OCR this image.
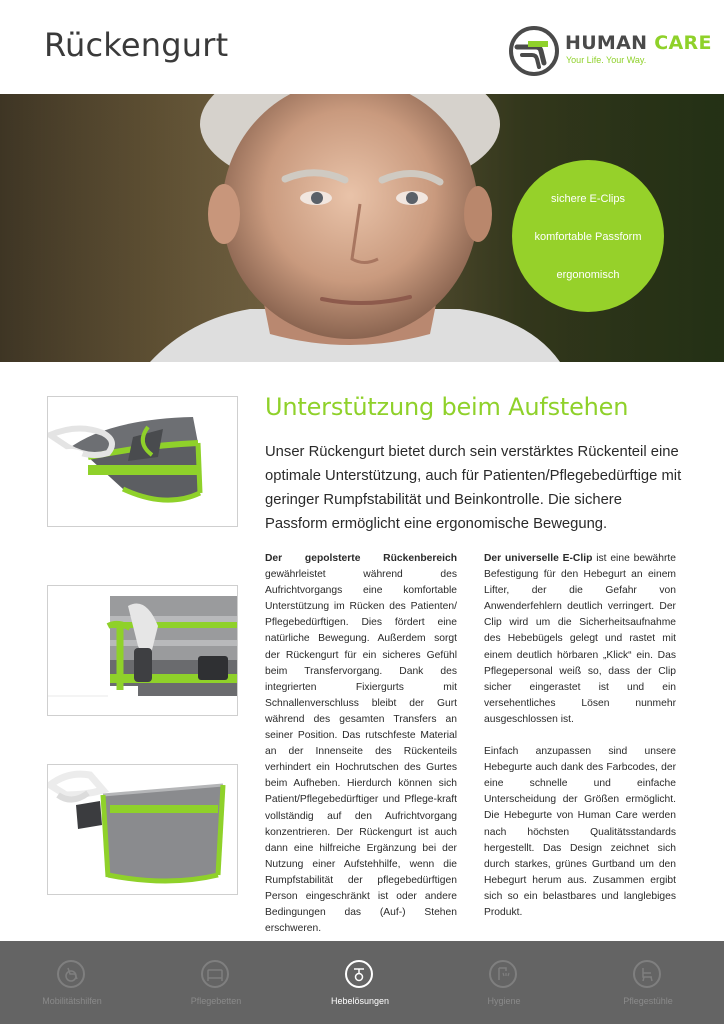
Rückengurt	HUMAN CARE
Your Life. Your Way.
sichere E-Clips
komfortable Passform
ergonomisch
Unterstützung beim Aufstehen

Unser Rückengurt bietet durch sein verstärktes Rückenteil eine optimale Unterstützung, auch für Patienten/Pflegebedürftige mit geringer Rumpfstabilität und Beinkontrolle. Die sichere Passform ermöglicht eine ergonomische Bewegung.

Der gepolsterte Rückenbereich gewährleistet während des Aufrichtvorgangs eine komfortable Unterstützung im Rücken des Patienten/ Pflegebedürftigen. Dies fördert eine natürliche Bewegung. Außerdem sorgt der Rückengurt für ein sicheres Gefühl beim Transfervorgang. Dank des integrierten Fixiergurts mit Schnallenverschluss bleibt der Gurt während des gesamten Transfers an seiner Position. Das rutschfeste Material an der Innenseite des Rückenteils verhindert ein Hochrutschen des Gurtes beim Aufheben. Hierdurch können sich Patient/Pflegebedürftiger und Pflege-kraft vollständig auf den Aufrichtvorgang konzentrieren. Der Rückengurt ist auch dann eine hilfreiche Ergänzung bei der Nutzung einer Aufstehhilfe, wenn die Rumpfstabilität der pflegebedürftigen Person eingeschränkt ist oder andere Bedingungen das (Auf-) Stehen erschweren.

Der universelle E-Clip ist eine bewährte Befestigung für den Hebegurt an einem Lifter, der die Gefahr von Anwenderfehlern deutlich verringert. Der Clip wird um die Sicherheitsaufnahme des Hebebügels gelegt und rastet mit einem deutlich hörbaren „Klick“ ein. Das Pflegepersonal weiß so, dass der Clip sicher eingerastet ist und ein versehentliches Lösen nunmehr ausgeschlossen ist.

Einfach anzupassen sind unsere Hebegurte auch dank des Farbcodes, der eine schnelle und einfache Unterscheidung der Größen ermöglicht. Die Hebegurte von Human Care werden nach höchsten Qualitätsstandards hergestellt. Das Design zeichnet sich durch starkes, grünes Gurtband um den Hebegurt herum aus. Zusammen ergibt sich so ein belastbares und langlebiges Produkt.

Mobilitätshilfen	Pflegebetten	Hebelösungen	Hygiene	Pflegestühle
